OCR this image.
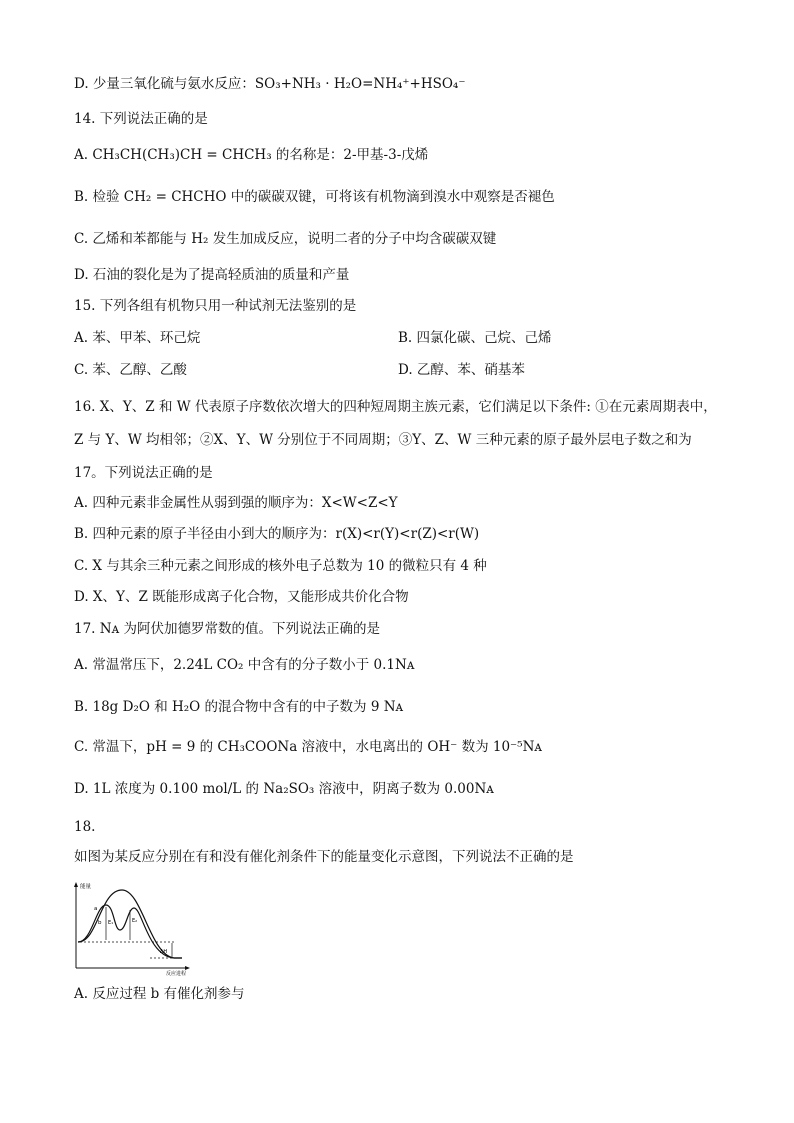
D. 少量三氧化硫与氨水反应：SO₃+NH₃ · H₂O=NH₄⁺+HSO₄⁻
14. 下列说法正确的是
A. CH₃CH(CH₃)CH = CHCH₃ 的名称是：2-甲基-3-戊烯
B. 检验 CH₂ = CHCHO 中的碳碳双键，可将该有机物滴到溴水中观察是否褪色
C. 乙烯和苯都能与 H₂ 发生加成反应，说明二者的分子中均含碳碳双键
D. 石油的裂化是为了提高轻质油的质量和产量
15. 下列各组有机物只用一种试剂无法鉴别的是
A. 苯、甲苯、环己烷	B. 四氯化碳、己烷、己烯
C. 苯、乙醇、乙酸	D. 乙醇、苯、硝基苯
16. X、Y、Z 和 W 代表原子序数依次增大的四种短周期主族元素，它们满足以下条件: ①在元素周期表中，Z 与 Y、W 均相邻；②X、Y、W 分别位于不同周期；③Y、Z、W 三种元素的原子最外层电子数之和为 17。下列说法正确的是
A. 四种元素非金属性从弱到强的顺序为：X<W<Z<Y
B. 四种元素的原子半径由小到大的顺序为：r(X)<r(Y)<r(Z)<r(W)
C. X 与其余三种元素之间形成的核外电子总数为 10 的微粒只有 4 种
D. X、Y、Z 既能形成离子化合物，又能形成共价化合物
17. Nᴀ 为阿伏加德罗常数的值。下列说法正确的是
A. 常温常压下，2.24L CO₂ 中含有的分子数小于 0.1Nᴀ
B. 18g D₂O 和 H₂O 的混合物中含有的中子数为 9 Nᴀ
C. 常温下，pH = 9 的 CH₃COONa 溶液中，水电离出的 OH⁻ 数为 10⁻⁵Nᴀ
D. 1L 浓度为 0.100 mol/L 的 Na₂SO₃ 溶液中，阴离子数为 0.00Nᴀ
18.
如图为某反应分别在有和没有催化剂条件下的能量变化示意图，下列说法不正确的是
能量
反应进程
a
b E₁	E₂
ΔH
A. 反应过程 b 有催化剂参与
